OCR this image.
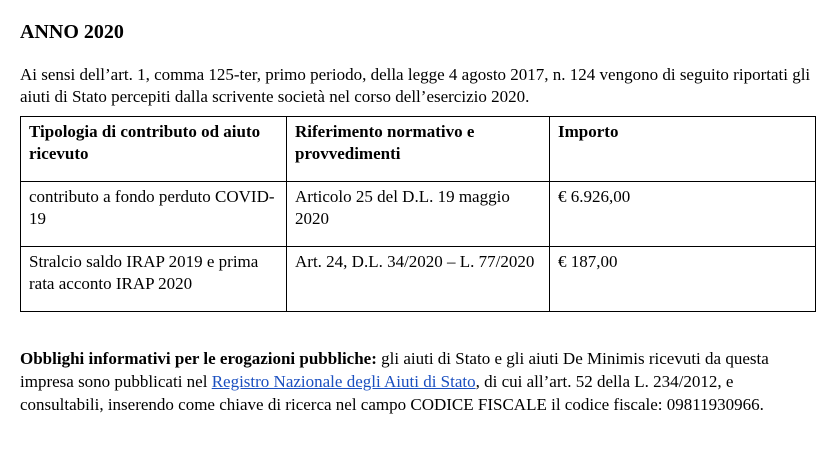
ANNO 2020

Ai sensi dell’art. 1, comma 125-ter, primo periodo, della legge 4 agosto 2017, n. 124 vengono di seguito riportati gli aiuti di Stato percepiti dalla scrivente società nel corso dell’esercizio 2020.

Tipologia di contributo od aiuto ricevuto	Riferimento normativo e provvedimenti	Importo
contributo a fondo perduto COVID-19	Articolo 25 del D.L. 19 maggio 2020	€ 6.926,00
Stralcio saldo IRAP 2019 e prima rata acconto IRAP 2020	Art. 24, D.L. 34/2020 – L. 77/2020	€ 187,00

Obblighi informativi per le erogazioni pubbliche: gli aiuti di Stato e gli aiuti De Minimis ricevuti da questa impresa sono pubblicati nel Registro Nazionale degli Aiuti di Stato, di cui all’art. 52 della L. 234/2012, e consultabili, inserendo come chiave di ricerca nel campo CODICE FISCALE il codice fiscale: 09811930966.
